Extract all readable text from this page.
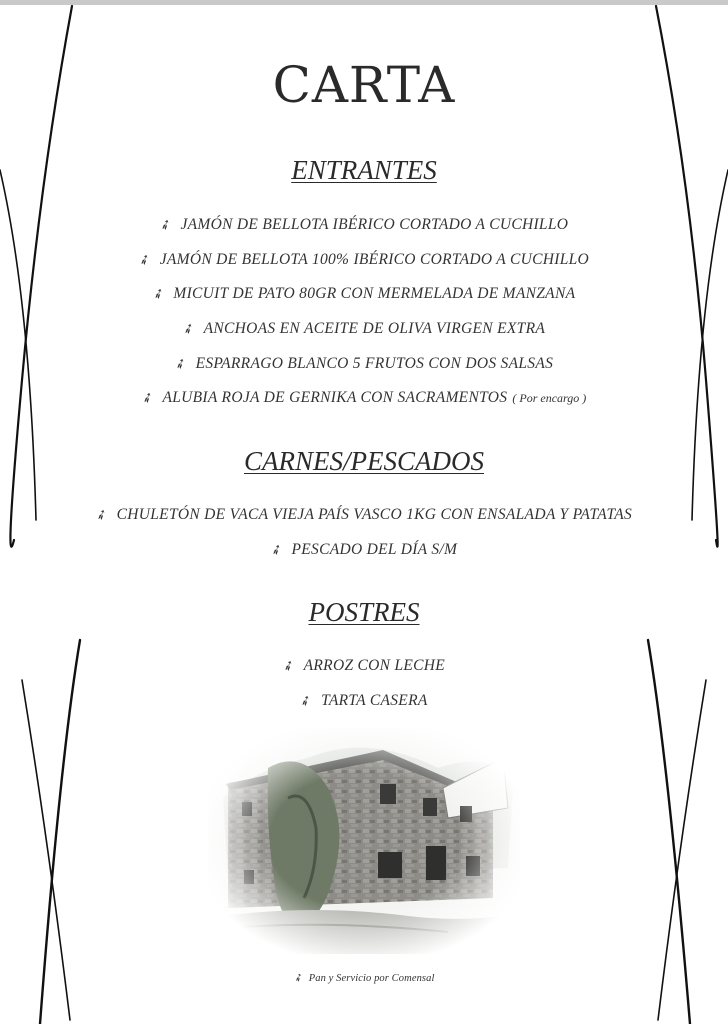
CARTA
ENTRANTES
➶ JAMÓN DE BELLOTA IBÉRICO CORTADO A CUCHILLO
➶ JAMÓN DE BELLOTA 100% IBÉRICO CORTADO A CUCHILLO
➶ MICUIT DE PATO 80GR CON MERMELADA DE MANZANA
➶ ANCHOAS EN ACEITE DE OLIVA VIRGEN EXTRA
➶ ESPARRAGO BLANCO 5 FRUTOS CON DOS SALSAS
➶ ALUBIA ROJA DE GERNIKA CON SACRAMENTOS ( Por encargo )
CARNES/PESCADOS
➶ CHULETÓN DE VACA VIEJA PAÍS VASCO 1KG CON ENSALADA Y PATATAS
➶ PESCADO DEL DÍA S/M
POSTRES
➶ ARROZ CON LECHE
➶ TARTA CASERA
➶ Pan y Servicio por Comensal
